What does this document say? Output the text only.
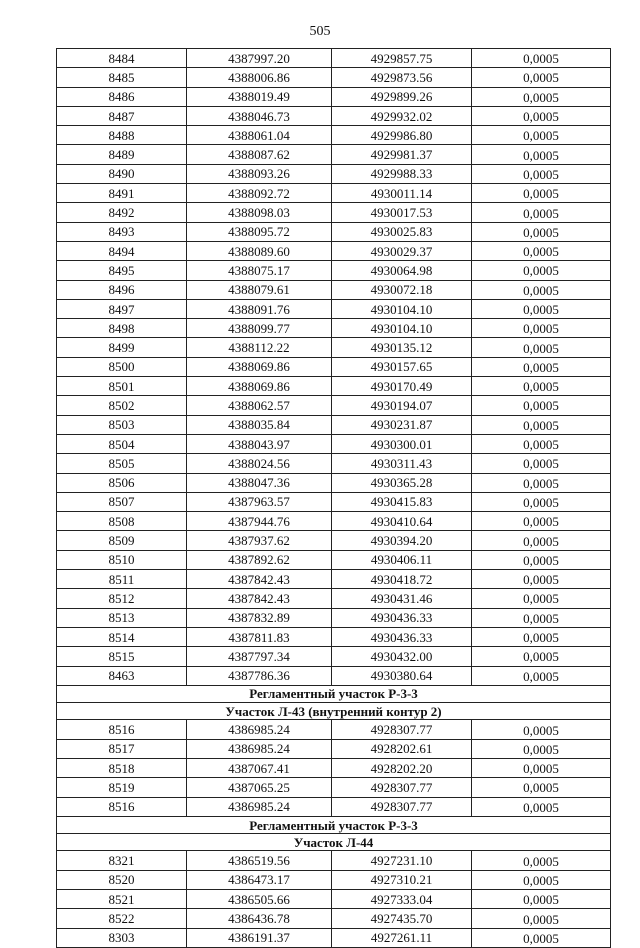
505
8484	4387997.20	4929857.75	0,0005
8485	4388006.86	4929873.56	0,0005
8486	4388019.49	4929899.26	0,0005
8487	4388046.73	4929932.02	0,0005
8488	4388061.04	4929986.80	0,0005
8489	4388087.62	4929981.37	0,0005
8490	4388093.26	4929988.33	0,0005
8491	4388092.72	4930011.14	0,0005
8492	4388098.03	4930017.53	0,0005
8493	4388095.72	4930025.83	0,0005
8494	4388089.60	4930029.37	0,0005
8495	4388075.17	4930064.98	0,0005
8496	4388079.61	4930072.18	0,0005
8497	4388091.76	4930104.10	0,0005
8498	4388099.77	4930104.10	0,0005
8499	4388112.22	4930135.12	0,0005
8500	4388069.86	4930157.65	0,0005
8501	4388069.86	4930170.49	0,0005
8502	4388062.57	4930194.07	0,0005
8503	4388035.84	4930231.87	0,0005
8504	4388043.97	4930300.01	0,0005
8505	4388024.56	4930311.43	0,0005
8506	4388047.36	4930365.28	0,0005
8507	4387963.57	4930415.83	0,0005
8508	4387944.76	4930410.64	0,0005
8509	4387937.62	4930394.20	0,0005
8510	4387892.62	4930406.11	0,0005
8511	4387842.43	4930418.72	0,0005
8512	4387842.43	4930431.46	0,0005
8513	4387832.89	4930436.33	0,0005
8514	4387811.83	4930436.33	0,0005
8515	4387797.34	4930432.00	0,0005
8463	4387786.36	4930380.64	0,0005
Регламентный участок Р-3-3			
Участок Л-43 (внутренний контур 2)			
8516	4386985.24	4928307.77	0,0005
8517	4386985.24	4928202.61	0,0005
8518	4387067.41	4928202.20	0,0005
8519	4387065.25	4928307.77	0,0005
8516	4386985.24	4928307.77	0,0005
Регламентный участок Р-3-3			
Участок Л-44			
8321	4386519.56	4927231.10	0,0005
8520	4386473.17	4927310.21	0,0005
8521	4386505.66	4927333.04	0,0005
8522	4386436.78	4927435.70	0,0005
8303	4386191.37	4927261.11	0,0005
